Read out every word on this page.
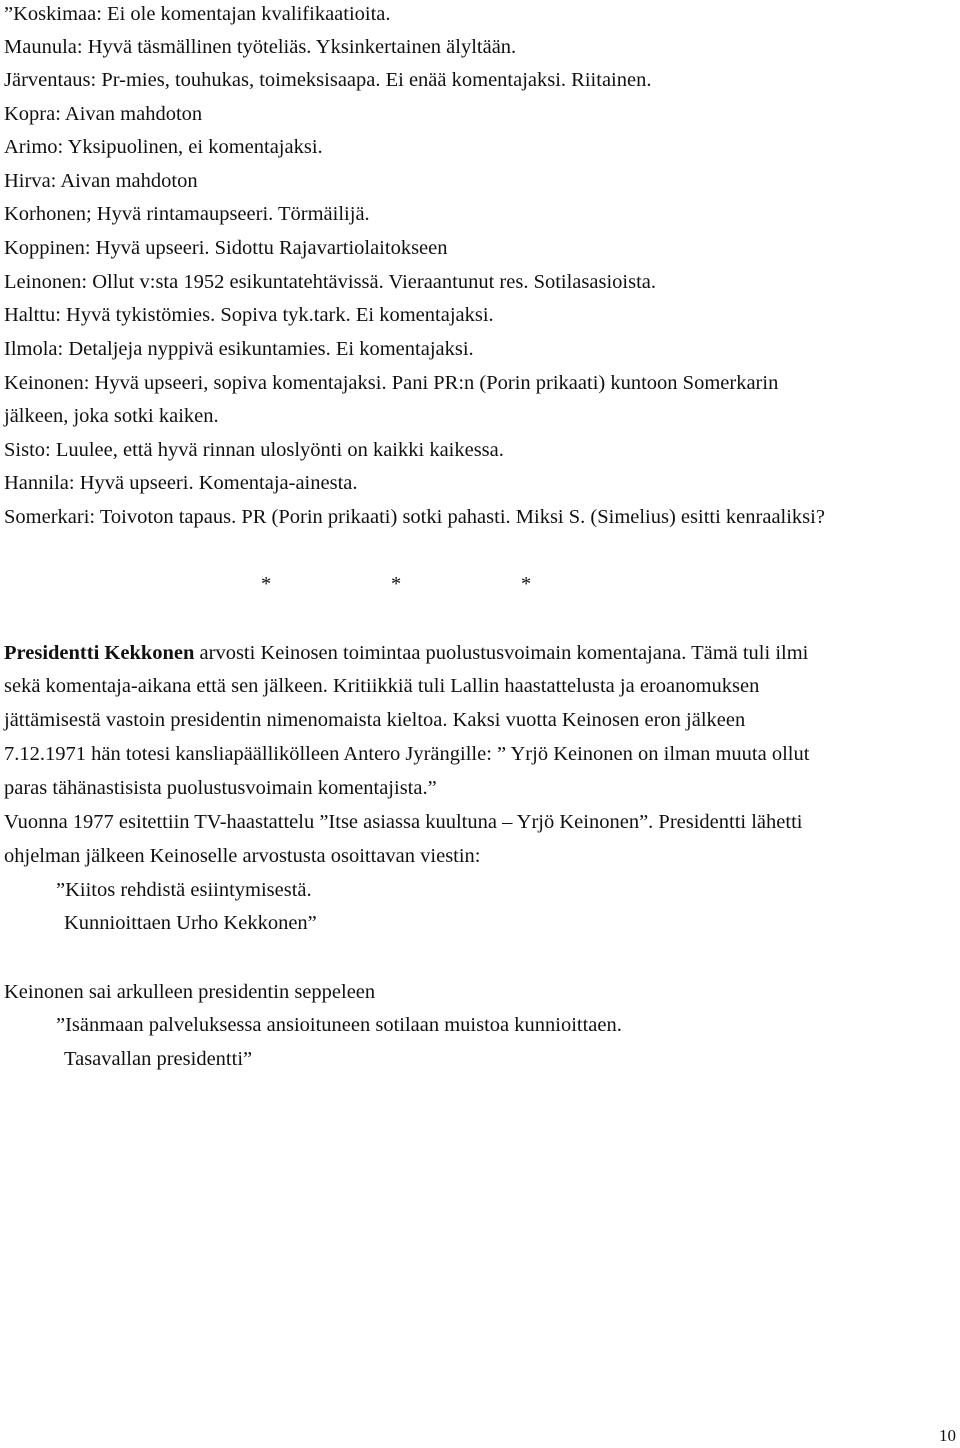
”Koskimaa: Ei ole komentajan kvalifikaatioita.
Maunula: Hyvä täsmällinen työteliäs. Yksinkertainen älyltään.
Järventaus: Pr-mies, touhukas, toimeksisaapa. Ei enää komentajaksi. Riitainen.
Kopra: Aivan mahdoton
Arimo: Yksipuolinen, ei komentajaksi.
Hirva: Aivan mahdoton
Korhonen; Hyvä rintamaupseeri. Törmäilijä.
Koppinen: Hyvä upseeri. Sidottu Rajavartiolaitokseen
Leinonen: Ollut v:sta 1952 esikuntatehtävissä. Vieraantunut res. Sotilasasioista.
Halttu: Hyvä tykistömies. Sopiva tyk.tark. Ei komentajaksi.
Ilmola: Detaljeja nyppivä esikuntamies. Ei komentajaksi.
Keinonen: Hyvä upseeri, sopiva komentajaksi. Pani PR:n (Porin prikaati) kuntoon Somerkarin
jälkeen, joka sotki kaiken.
Sisto: Luulee, että hyvä rinnan uloslyönti on kaikki kaikessa.
Hannila: Hyvä upseeri. Komentaja-ainesta.
Somerkari: Toivoton tapaus. PR (Porin prikaati) sotki pahasti. Miksi S. (Simelius) esitti kenraaliksi?
*	*	*
Presidentti Kekkonen arvosti Keinosen toimintaa puolustusvoimain komentajana. Tämä tuli ilmi
sekä komentaja-aikana että sen jälkeen. Kritiikkiä tuli Lallin haastattelusta ja eroanomuksen
jättämisestä vastoin presidentin nimenomaista kieltoa. Kaksi vuotta Keinosen eron jälkeen
7.12.1971 hän totesi kansliapäällikölleen Antero Jyrängille: ” Yrjö Keinonen on ilman muuta ollut
paras tähänastisista puolustusvoimain komentajista.”
Vuonna 1977 esitettiin TV-haastattelu ”Itse asiassa kuultuna – Yrjö Keinonen”. Presidentti lähetti
ohjelman jälkeen Keinoselle arvostusta osoittavan viestin:
”Kiitos rehdistä esiintymisestä.
Kunnioittaen Urho Kekkonen”
Keinonen sai arkulleen presidentin seppeleen
”Isänmaan palveluksessa ansioituneen sotilaan muistoa kunnioittaen.
Tasavallan presidentti”
10
